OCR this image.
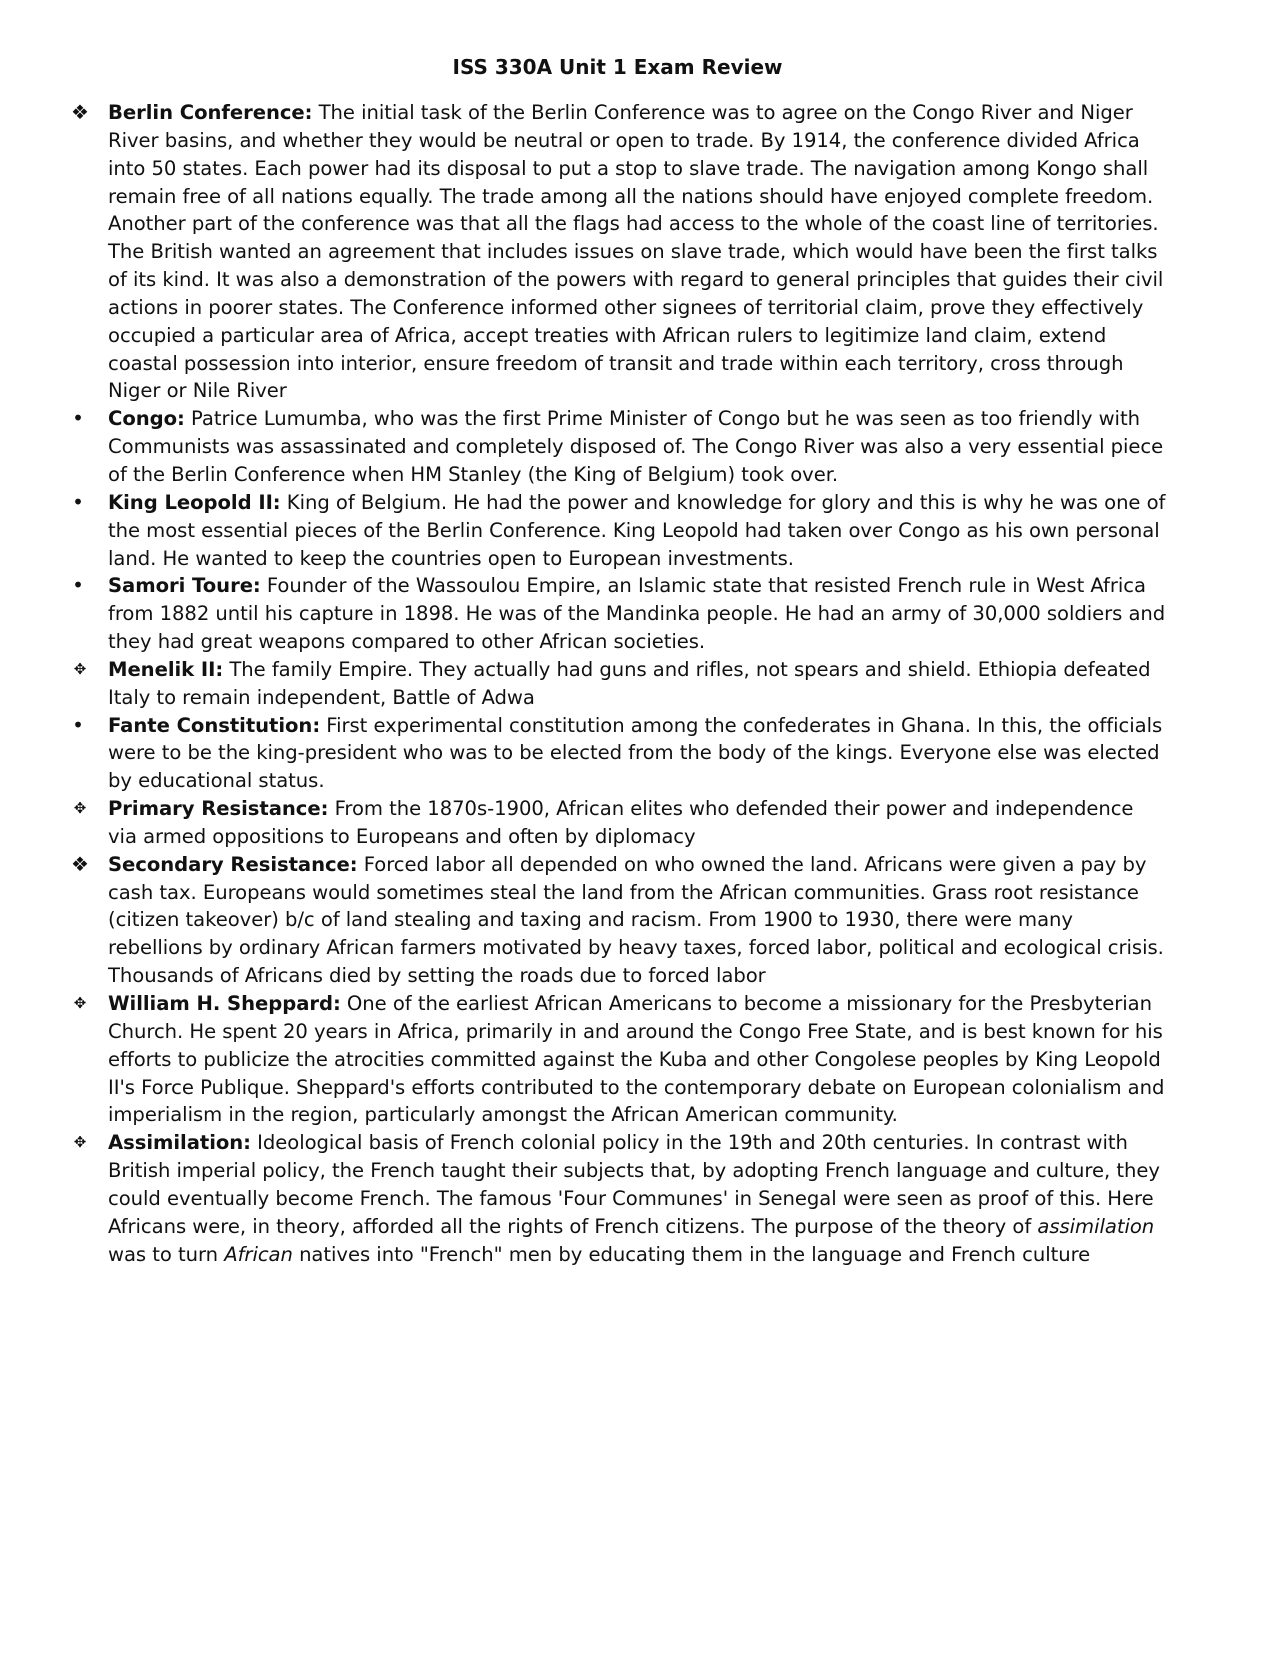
ISS 330A Unit 1 Exam Review
❖ Berlin Conference: The initial task of the Berlin Conference was to agree on the Congo River and Niger River basins, and whether they would be neutral or open to trade. By 1914, the conference divided Africa into 50 states. Each power had its disposal to put a stop to slave trade. The navigation among Kongo shall remain free of all nations equally. The trade among all the nations should have enjoyed complete freedom. Another part of the conference was that all the flags had access to the whole of the coast line of territories. The British wanted an agreement that includes issues on slave trade, which would have been the first talks of its kind. It was also a demonstration of the powers with regard to general principles that guides their civil actions in poorer states. The Conference informed other signees of territorial claim, prove they effectively occupied a particular area of Africa, accept treaties with African rulers to legitimize land claim, extend coastal possession into interior, ensure freedom of transit and trade within each territory, cross through Niger or Nile River
• Congo: Patrice Lumumba, who was the first Prime Minister of Congo but he was seen as too friendly with Communists was assassinated and completely disposed of. The Congo River was also a very essential piece of the Berlin Conference when HM Stanley (the King of Belgium) took over.
• King Leopold II: King of Belgium. He had the power and knowledge for glory and this is why he was one of the most essential pieces of the Berlin Conference. King Leopold had taken over Congo as his own personal land. He wanted to keep the countries open to European investments.
• Samori Toure: Founder of the Wassoulou Empire, an Islamic state that resisted French rule in West Africa from 1882 until his capture in 1898. He was of the Mandinka people. He had an army of 30,000 soldiers and they had great weapons compared to other African societies.
✥ Menelik II: The family Empire. They actually had guns and rifles, not spears and shield. Ethiopia defeated Italy to remain independent, Battle of Adwa
• Fante Constitution: First experimental constitution among the confederates in Ghana. In this, the officials were to be the king-president who was to be elected from the body of the kings. Everyone else was elected by educational status.
✥ Primary Resistance: From the 1870s-1900, African elites who defended their power and independence via armed oppositions to Europeans and often by diplomacy
❖ Secondary Resistance: Forced labor all depended on who owned the land. Africans were given a pay by cash tax. Europeans would sometimes steal the land from the African communities. Grass root resistance (citizen takeover) b/c of land stealing and taxing and racism. From 1900 to 1930, there were many rebellions by ordinary African farmers motivated by heavy taxes, forced labor, political and ecological crisis. Thousands of Africans died by setting the roads due to forced labor
✥ William H. Sheppard: One of the earliest African Americans to become a missionary for the Presbyterian Church. He spent 20 years in Africa, primarily in and around the Congo Free State, and is best known for his efforts to publicize the atrocities committed against the Kuba and other Congolese peoples by King Leopold II's Force Publique. Sheppard's efforts contributed to the contemporary debate on European colonialism and imperialism in the region, particularly amongst the African American community.
✥ Assimilation: Ideological basis of French colonial policy in the 19th and 20th centuries. In contrast with British imperial policy, the French taught their subjects that, by adopting French language and culture, they could eventually become French. The famous 'Four Communes' in Senegal were seen as proof of this. Here Africans were, in theory, afforded all the rights of French citizens. The purpose of the theory of assimilation was to turn African natives into "French" men by educating them in the language and French culture
